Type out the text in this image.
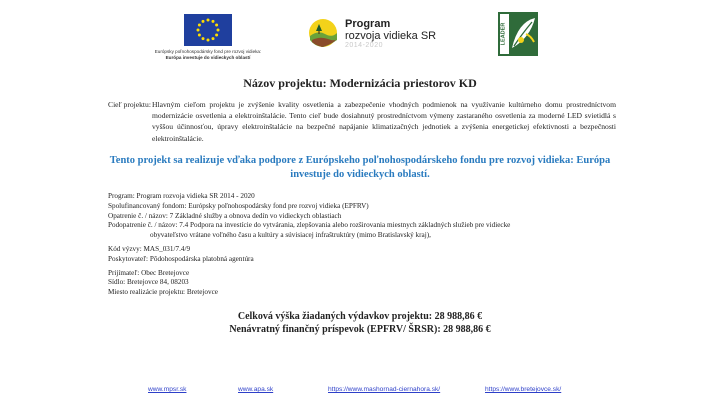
Európsky poľnohospodársky fond pre rozvoj vidieka:
Európa investuje do vidieckych oblastí
Program
rozvoja vidieka SR
2014-2020
LEADER
Názov projektu: Modernizácia priestorov KD
Cieľ projektu: Hlavným cieľom projektu je zvýšenie kvality osvetlenia a zabezpečenie vhodných podmienok na využívanie kultúrneho domu prostredníctvom modernizácie osvetlenia a elektroinštalácie. Tento cieľ bude dosiahnutý prostredníctvom výmeny zastaraného osvetlenia za moderné LED svietidlá s vyššou účinnosťou, úpravy elektroinštalácie na bezpečné napájanie klimatizačných jednotiek a zvýšenia energetickej efektivnosti a bezpečnosti elektroinštalácie.
Tento projekt sa realizuje vďaka podpore z Európskeho poľnohospodárskeho fondu pre rozvoj vidieka: Európa investuje do vidieckych oblastí.
Program: Program rozvoja vidieka SR 2014 - 2020
Spolufinancovaný fondom: Európsky poľnohospodársky fond pre rozvoj vidieka (EPFRV)
Opatrenie č. / názov: 7 Základné služby a obnova dedín vo vidieckych oblastiach
Podopatrenie č. / názov: 7.4 Podpora na investície do vytvárania, zlepšovania alebo rozširovania miestnych základných služieb pre vidiecke
obyvateľstvo vrátane voľného času a kultúry a súvisiacej infraštruktúry (mimo Bratislavský kraj),
Kód výzvy: MAS_031/7.4/9
Poskytovateľ: Pôdohospodárska platobná agentúra
Prijímateľ: Obec Bretejovce
Sídlo: Bretejovce 84, 08203
Miesto realizácie projektu: Bretejovce
Celková výška žiadaných výdavkov projektu: 28 988,86 €
Nenávratný finančný príspevok (EPFRV/ ŠRSR): 28 988,86 €
www.mpsr.sk	www.apa.sk	https://www.mashornad-ciernahora.sk/	https://www.bretejovce.sk/
